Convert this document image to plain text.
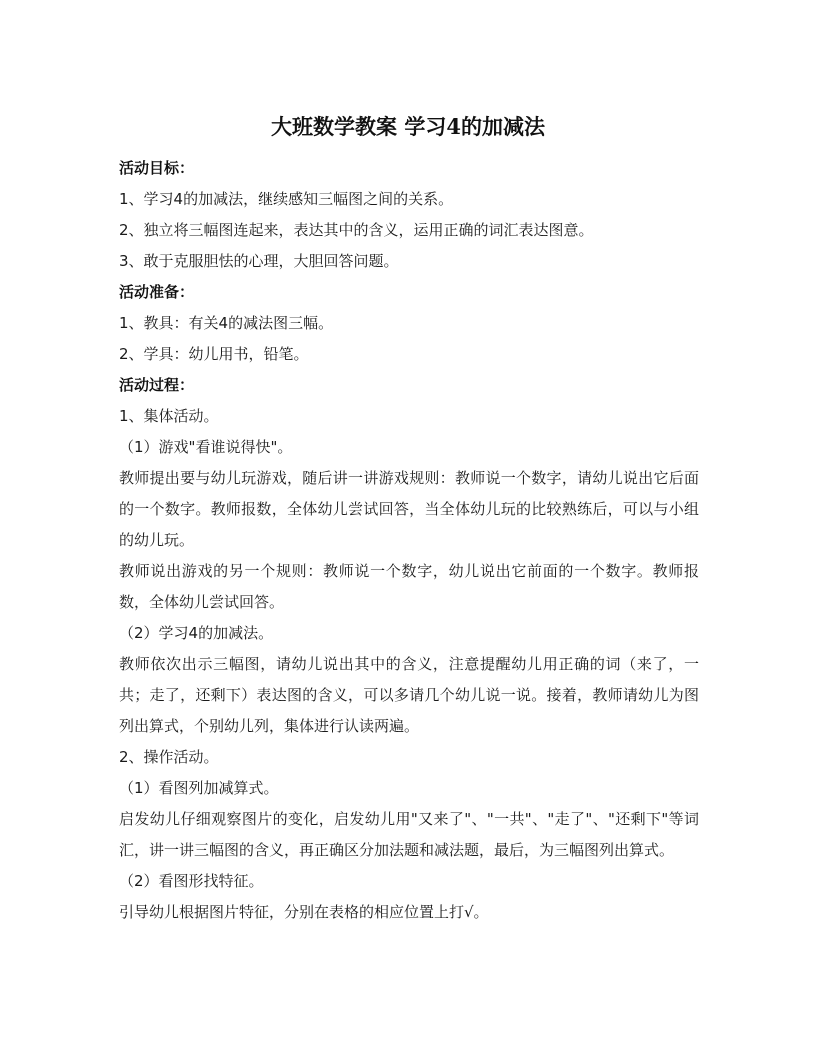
大班数学教案 学习4的加减法

活动目标：

1、学习4的加减法，继续感知三幅图之间的关系。

2、独立将三幅图连起来，表达其中的含义，运用正确的词汇表达图意。

3、敢于克服胆怯的心理，大胆回答问题。

活动准备：

1、教具：有关4的减法图三幅。

2、学具：幼儿用书，铅笔。

活动过程：

1、集体活动。

（1）游戏"看谁说得快"。

教师提出要与幼儿玩游戏，随后讲一讲游戏规则：教师说一个数字，请幼儿说出它后面的一个数字。教师报数，全体幼儿尝试回答，当全体幼儿玩的比较熟练后，可以与小组的幼儿玩。

教师说出游戏的另一个规则：教师说一个数字，幼儿说出它前面的一个数字。教师报数，全体幼儿尝试回答。

（2）学习4的加减法。

教师依次出示三幅图，请幼儿说出其中的含义，注意提醒幼儿用正确的词（来了，一共；走了，还剩下）表达图的含义，可以多请几个幼儿说一说。接着，教师请幼儿为图列出算式，个别幼儿列，集体进行认读两遍。

2、操作活动。

（1）看图列加减算式。

启发幼儿仔细观察图片的变化，启发幼儿用"又来了"、"一共"、"走了"、"还剩下"等词汇，讲一讲三幅图的含义，再正确区分加法题和减法题，最后，为三幅图列出算式。

（2）看图形找特征。

引导幼儿根据图片特征，分别在表格的相应位置上打√。
